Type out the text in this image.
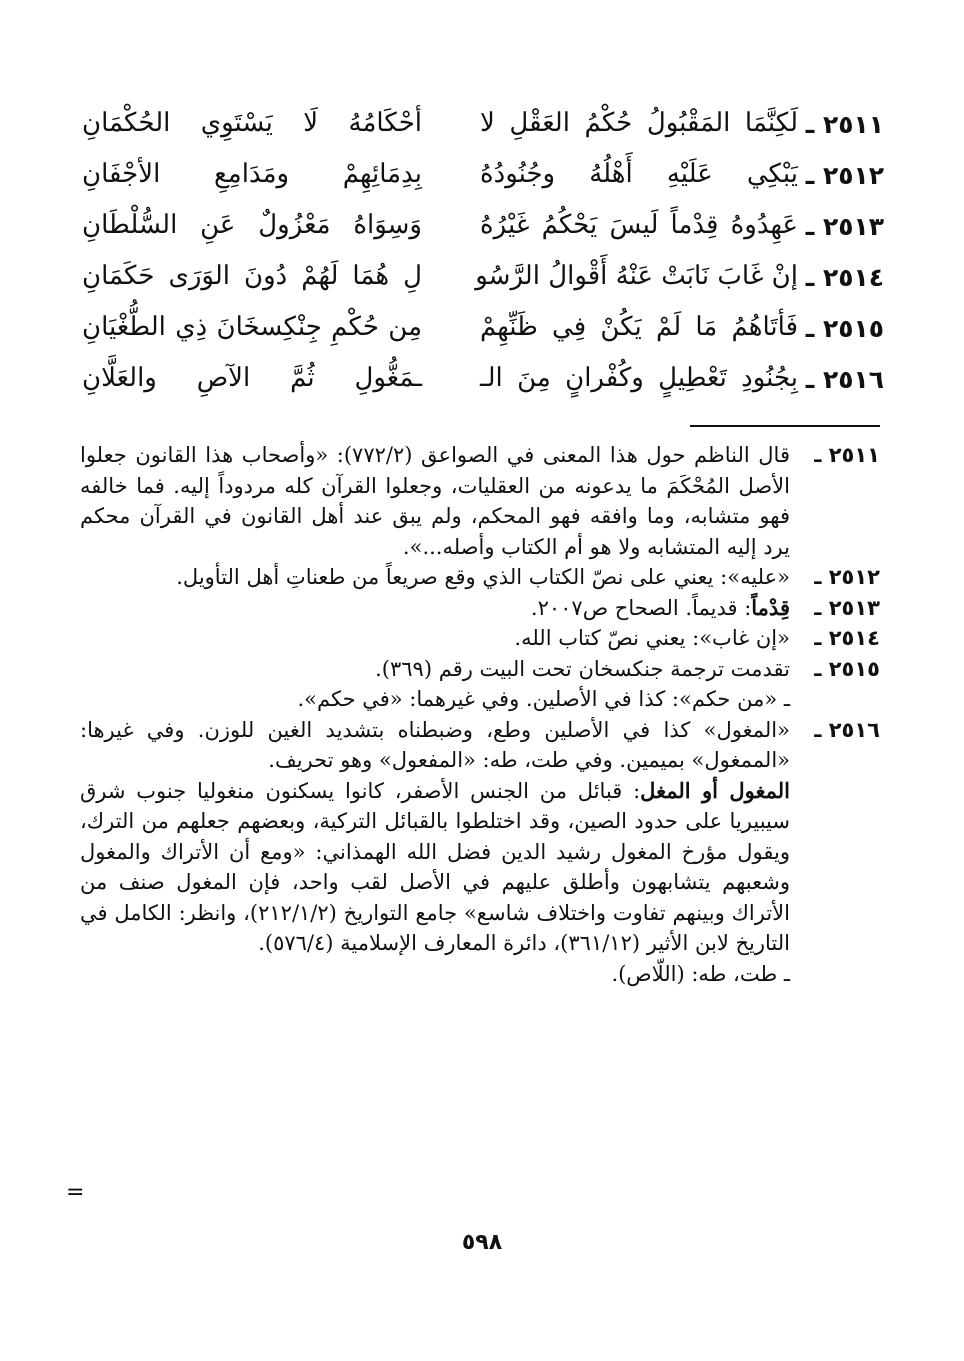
٢٥١١ ـ
لَكِنَّمَا المَقْبُولُ حُكْمُ العَقْلِ لا
أحْكَامُهُ لَا يَسْتَوِي الحُكْمَانِ
٢٥١٢ ـ
يَبْكِي عَلَيْهِ أَهْلُهُ وجُنُودُهُ
بِدِمَائِهِمْ ومَدَامِعِ الأجْفَانِ
٢٥١٣ ـ
عَهِدُوهُ قِدْماً لَيسَ يَحْكُمُ غَيْرُهُ
وَسِوَاهُ مَعْزُولٌ عَنِ السُّلْطَانِ
٢٥١٤ ـ
إنْ غَابَ نَابَتْ عَنْهُ أَقْوالُ الرَّسُو
لِ هُمَا لَهُمْ دُونَ الوَرَى حَكَمَانِ
٢٥١٥ ـ
فَأتَاهُمُ مَا لَمْ يَكُنْ فِي ظَنِّهِمْ
مِن حُكْمِ جِنْكِسخَانَ ذِي الطُّغْيَانِ
٢٥١٦ ـ
بِجُنُودِ تَعْطِيلٍ وكُفْرانٍ مِنَ الـ
ـمَغُّولِ ثُمَّ الآصِ والعَلَّانِ
٢٥١١ ـ
قال الناظم حول هذا المعنى في الصواعق (٧٧٢/٢): «وأصحاب هذا القانون جعلوا الأصل المُحْكَمَ ما يدعونه من العقليات، وجعلوا القرآن كله مردوداً إليه. فما خالفه فهو متشابه، وما وافقه فهو المحكم، ولم يبق عند أهل القانون في القرآن محكم يرد إليه المتشابه ولا هو أم الكتاب وأصله...».
٢٥١٢ ـ
«عليه»: يعني على نصّ الكتاب الذي وقع صريعاً من طعناتِ أهل التأويل.
٢٥١٣ ـ
قِدْماً: قديماً. الصحاح ص٢٠٠٧.
٢٥١٤ ـ
«إن غاب»: يعني نصّ كتاب الله.
٢٥١٥ ـ
تقدمت ترجمة جنكسخان تحت البيت رقم (٣٦٩).
ـ «من حكم»: كذا في الأصلين. وفي غيرهما: «في حكم».
٢٥١٦ ـ
«المغول» كذا في الأصلين وطع، وضبطناه بتشديد الغين للوزن. وفي غيرها: «الممغول» بميمين. وفي طت، طه: «المفعول» وهو تحريف.
المغول أو المغل: قبائل من الجنس الأصفر، كانوا يسكنون منغوليا جنوب شرق سيبيريا على حدود الصين، وقد اختلطوا بالقبائل التركية، وبعضهم جعلهم من الترك، ويقول مؤرخ المغول رشيد الدين فضل الله الهمذاني: «ومع أن الأتراك والمغول وشعبهم يتشابهون وأطلق عليهم في الأصل لقب واحد، فإن المغول صنف من الأتراك وبينهم تفاوت واختلاف شاسع» جامع التواريخ (٢١٢/١/٢)، وانظر: الكامل في التاريخ لابن الأثير (٣٦١/١٢)، دائرة المعارف الإسلامية (٥٧٦/٤).
ـ طت، طه: (اللّاص).
=
٥٩٨
